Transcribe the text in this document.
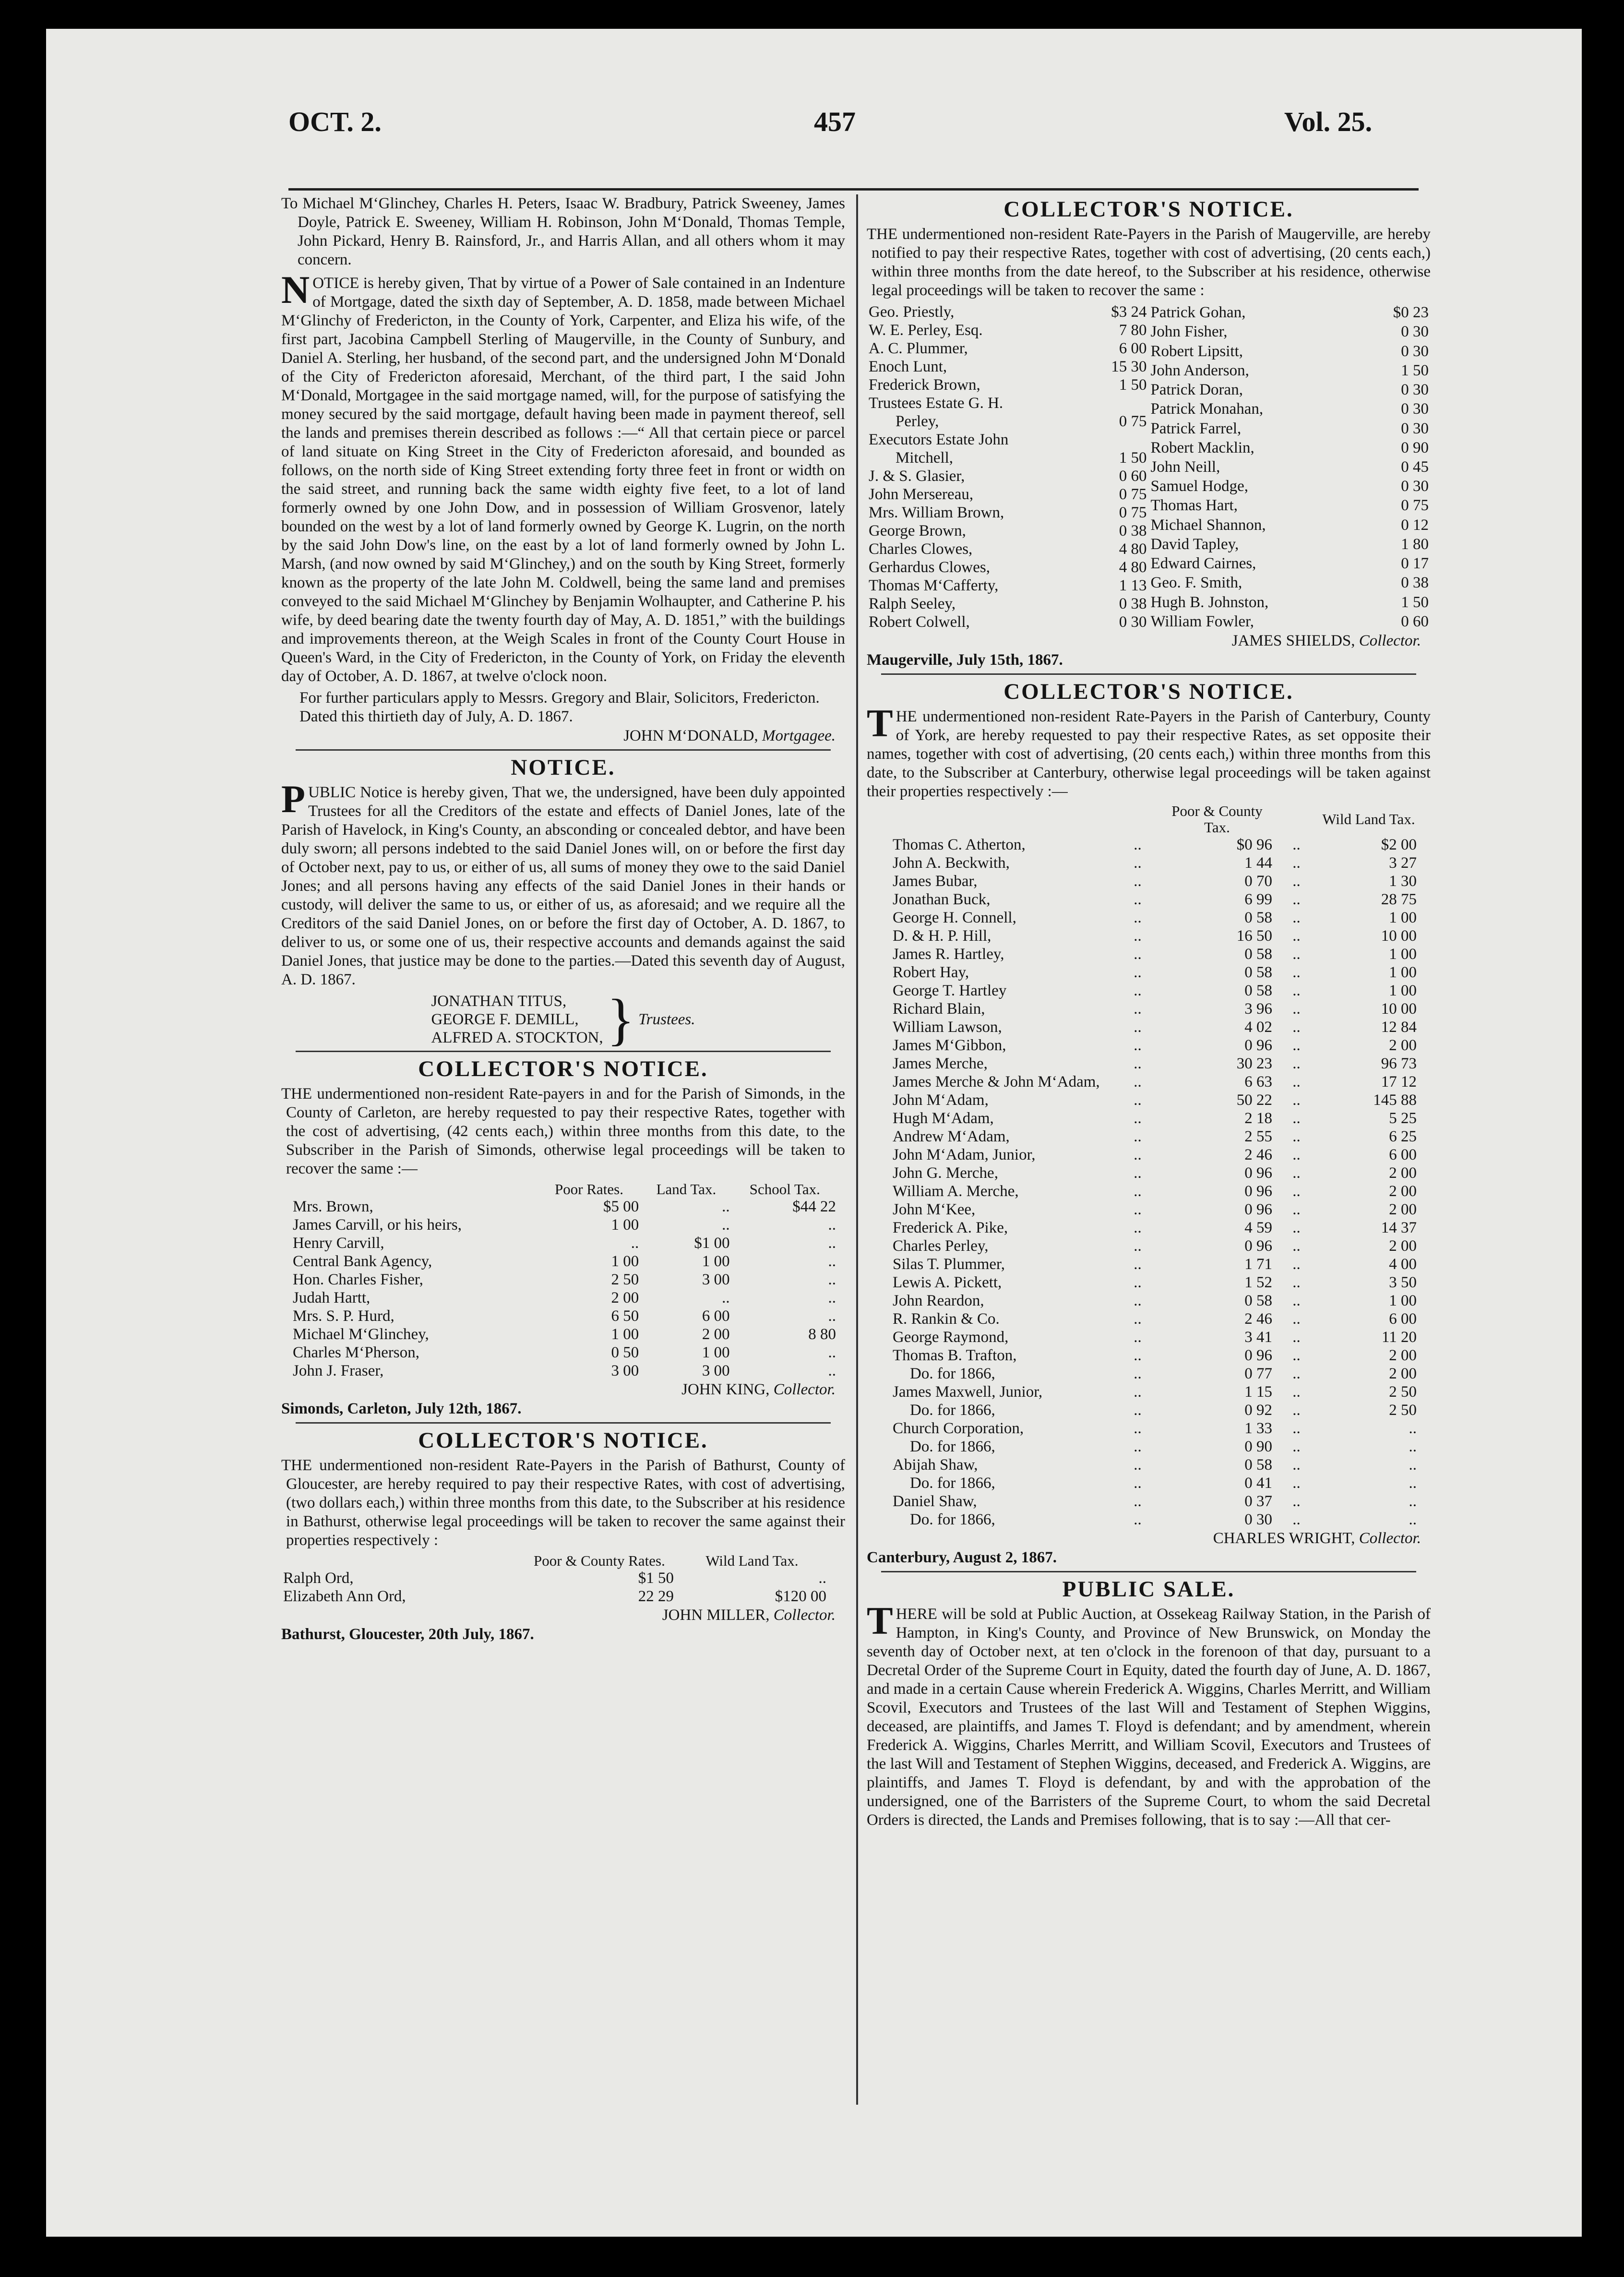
OCT. 2.	457	Vol. 25.

To Michael M‘Glinchey, Charles H. Peters, Isaac W. Bradbury, Patrick Sweeney, James Doyle, Patrick E. Sweeney, William H. Robinson, John M‘Donald, Thomas Temple, John Pickard, Henry B. Rainsford, Jr., and Harris Allan, and all others whom it may concern.

NOTICE is hereby given, That by virtue of a Power of Sale contained in an Indenture of Mortgage, dated the sixth day of September, A. D. 1858, made between Michael M‘Glinchy of Fredericton, in the County of York, Carpenter, and Eliza his wife, of the first part, Jacobina Campbell Sterling of Maugerville, in the County of Sunbury, and Daniel A. Sterling, her husband, of the second part, and the undersigned John M‘Donald of the City of Fredericton aforesaid, Merchant, of the third part, I the said John M‘Donald, Mortgagee in the said mortgage named, will, for the purpose of satisfying the money secured by the said mortgage, default having been made in payment thereof, sell the lands and premises therein described as follows :—“ All that certain piece or parcel of land situate on King Street in the City of Fredericton aforesaid, and bounded as follows, on the north side of King Street extending forty three feet in front or width on the said street, and running back the same width eighty five feet, to a lot of land formerly owned by one John Dow, and in possession of William Grosvenor, lately bounded on the west by a lot of land formerly owned by George K. Lugrin, on the north by the said John Dow's line, on the east by a lot of land formerly owned by John L. Marsh, (and now owned by said M‘Glinchey,) and on the south by King Street, formerly known as the property of the late John M. Coldwell, being the same land and premises conveyed to the said Michael M‘Glinchey by Benjamin Wolhaupter, and Catherine P. his wife, by deed bearing date the twenty fourth day of May, A. D. 1851,” with the buildings and improvements thereon, at the Weigh Scales in front of the County Court House in Queen's Ward, in the City of Fredericton, in the County of York, on Friday the eleventh day of October, A. D. 1867, at twelve o'clock noon.

For further particulars apply to Messrs. Gregory and Blair, Solicitors, Fredericton.

Dated this thirtieth day of July, A. D. 1867.

JOHN M‘DONALD, Mortgagee.
NOTICE.

PUBLIC Notice is hereby given, That we, the undersigned, have been duly appointed Trustees for all the Creditors of the estate and effects of Daniel Jones, late of the Parish of Havelock, in King's County, an absconding or concealed debtor, and have been duly sworn; all persons indebted to the said Daniel Jones will, on or before the first day of October next, pay to us, or either of us, all sums of money they owe to the said Daniel Jones; and all persons having any effects of the said Daniel Jones in their hands or custody, will deliver the same to us, or either of us, as aforesaid; and we require all the Creditors of the said Daniel Jones, on or before the first day of October, A. D. 1867, to deliver to us, or some one of us, their respective accounts and demands against the said Daniel Jones, that justice may be done to the parties.—Dated this seventh day of August, A. D. 1867.

JONATHAN TITUS,
GEORGE F. DEMILL,
ALFRED A. STOCKTON, } Trustees.
COLLECTOR'S NOTICE.

THE undermentioned non-resident Rate-payers in and for the Parish of Simonds, in the County of Carleton, are hereby requested to pay their respective Rates, together with the cost of advertising, (42 cents each,) within three months from this date, to the Subscriber in the Parish of Simonds, otherwise legal proceedings will be taken to recover the same :—

	Poor Rates.	Land Tax.	School Tax.
Mrs. Brown,	$5 00	..	$44 22
James Carvill, or his heirs,	1 00	..	..
Henry Carvill,	..	$1 00	..
Central Bank Agency,	1 00	1 00	..
Hon. Charles Fisher,	2 50	3 00	..
Judah Hartt,	2 00	..	..
Mrs. S. P. Hurd,	6 50	6 00	..
Michael M‘Glinchey,	1 00	2 00	8 80
Charles M‘Pherson,	0 50	1 00	..
John J. Fraser,	3 00	3 00	..
JOHN KING, Collector.
Simonds, Carleton, July 12th, 1867.
COLLECTOR'S NOTICE.

THE undermentioned non-resident Rate-Payers in the Parish of Bathurst, County of Gloucester, are hereby required to pay their respective Rates, with cost of advertising, (two dollars each,) within three months from this date, to the Subscriber at his residence in Bathurst, otherwise legal proceedings will be taken to recover the same against their properties respectively :

	Poor & County Rates.	Wild Land Tax.
Ralph Ord,	$1 50	..
Elizabeth Ann Ord,	22 29	$120 00
JOHN MILLER, Collector.
Bathurst, Gloucester, 20th July, 1867.
COLLECTOR'S NOTICE.

THE undermentioned non-resident Rate-Payers in the Parish of Maugerville, are hereby notified to pay their respective Rates, together with cost of advertising, (20 cents each,) within three months from the date hereof, to the Subscriber at his residence, otherwise legal proceedings will be taken to recover the same :

Geo. Priestly,	$3 24
W. E. Perley, Esq.	7 80
A. C. Plummer,	6 00
Enoch Lunt,	15 30
Frederick Brown,	1 50
Trustees Estate G. H.	
Perley,	0 75
Executors Estate John	
Mitchell,	1 50
J. & S. Glasier,	0 60
John Mersereau,	0 75
Mrs. William Brown,	0 75
George Brown,	0 38
Charles Clowes,	4 80
Gerhardus Clowes,	4 80
Thomas M‘Cafferty,	1 13
Ralph Seeley,	0 38
Robert Colwell,	0 30
Patrick Gohan,	$0 23
John Fisher,	0 30
Robert Lipsitt,	0 30
John Anderson,	1 50
Patrick Doran,	0 30
Patrick Monahan,	0 30
Patrick Farrel,	0 30
Robert Macklin,	0 90
John Neill,	0 45
Samuel Hodge,	0 30
Thomas Hart,	0 75
Michael Shannon,	0 12
David Tapley,	1 80
Edward Cairnes,	0 17
Geo. F. Smith,	0 38
Hugh B. Johnston,	1 50
William Fowler,	0 60
JAMES SHIELDS, Collector.
Maugerville, July 15th, 1867.
COLLECTOR'S NOTICE.

THE undermentioned non-resident Rate-Payers in the Parish of Canterbury, County of York, are hereby requested to pay their respective Rates, as set opposite their names, together with cost of advertising, (20 cents each,) within three months from this date, to the Subscriber at Canterbury, otherwise legal proceedings will be taken against their properties respectively :—

		Poor & County Tax.		Wild Land Tax.
Thomas C. Atherton,	..	$0 96	..	$2 00
John A. Beckwith,	..	1 44	..	3 27
James Bubar,	..	0 70	..	1 30
Jonathan Buck,	..	6 99	..	28 75
George H. Connell,	..	0 58	..	1 00
D. & H. P. Hill,	..	16 50	..	10 00
James R. Hartley,	..	0 58	..	1 00
Robert Hay,	..	0 58	..	1 00
George T. Hartley	..	0 58	..	1 00
Richard Blain,	..	3 96	..	10 00
William Lawson,	..	4 02	..	12 84
James M‘Gibbon,	..	0 96	..	2 00
James Merche,	..	30 23	..	96 73
James Merche & John M‘Adam,	..	6 63	..	17 12
John M‘Adam,	..	50 22	..	145 88
Hugh M‘Adam,	..	2 18	..	5 25
Andrew M‘Adam,	..	2 55	..	6 25
John M‘Adam, Junior,	..	2 46	..	6 00
John G. Merche,	..	0 96	..	2 00
William A. Merche,	..	0 96	..	2 00
John M‘Kee,	..	0 96	..	2 00
Frederick A. Pike,	..	4 59	..	14 37
Charles Perley,	..	0 96	..	2 00
Silas T. Plummer,	..	1 71	..	4 00
Lewis A. Pickett,	..	1 52	..	3 50
John Reardon,	..	0 58	..	1 00
R. Rankin & Co.	..	2 46	..	6 00
George Raymond,	..	3 41	..	11 20
Thomas B. Trafton,	..	0 96	..	2 00
Do. for 1866,	..	0 77	..	2 00
James Maxwell, Junior,	..	1 15	..	2 50
Do. for 1866,	..	0 92	..	2 50
Church Corporation,	..	1 33	..	..
Do. for 1866,	..	0 90	..	..
Abijah Shaw,	..	0 58	..	..
Do. for 1866,	..	0 41	..	..
Daniel Shaw,	..	0 37	..	..
Do. for 1866,	..	0 30	..	..
CHARLES WRIGHT, Collector.
Canterbury, August 2, 1867.
PUBLIC SALE.

THERE will be sold at Public Auction, at Ossekeag Railway Station, in the Parish of Hampton, in King's County, and Province of New Brunswick, on Monday the seventh day of October next, at ten o'clock in the forenoon of that day, pursuant to a Decretal Order of the Supreme Court in Equity, dated the fourth day of June, A. D. 1867, and made in a certain Cause wherein Frederick A. Wiggins, Charles Merritt, and William Scovil, Executors and Trustees of the last Will and Testament of Stephen Wiggins, deceased, are plaintiffs, and James T. Floyd is defendant; and by amendment, wherein Frederick A. Wiggins, Charles Merritt, and William Scovil, Executors and Trustees of the last Will and Testament of Stephen Wiggins, deceased, and Frederick A. Wiggins, are plaintiffs, and James T. Floyd is defendant, by and with the approbation of the undersigned, one of the Barristers of the Supreme Court, to whom the said Decretal Orders is directed, the Lands and Premises following, that is to say :—All that cer-
